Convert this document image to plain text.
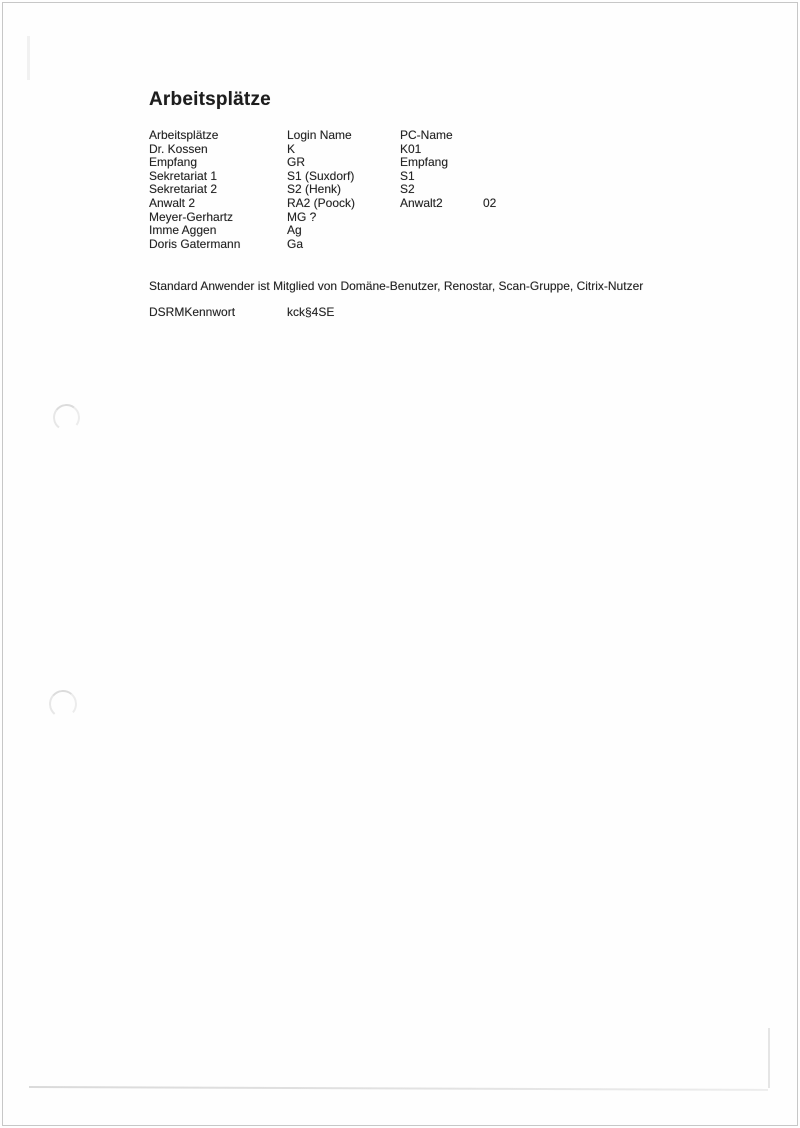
Arbeitsplätze
Arbeitsplätze	Login Name	PC-Name
Dr. Kossen	K	K01
Empfang	GR	Empfang
Sekretariat 1	S1 (Suxdorf)	S1
Sekretariat 2	S2 (Henk)	S2
Anwalt 2	RA2 (Poock)	Anwalt2	02
Meyer-Gerhartz	MG ?
Imme Aggen	Ag
Doris Gatermann	Ga

Standard Anwender ist Mitglied von Domäne-Benutzer, Renostar, Scan-Gruppe, Citrix-Nutzer

DSRMKennwort	kck§4SE
